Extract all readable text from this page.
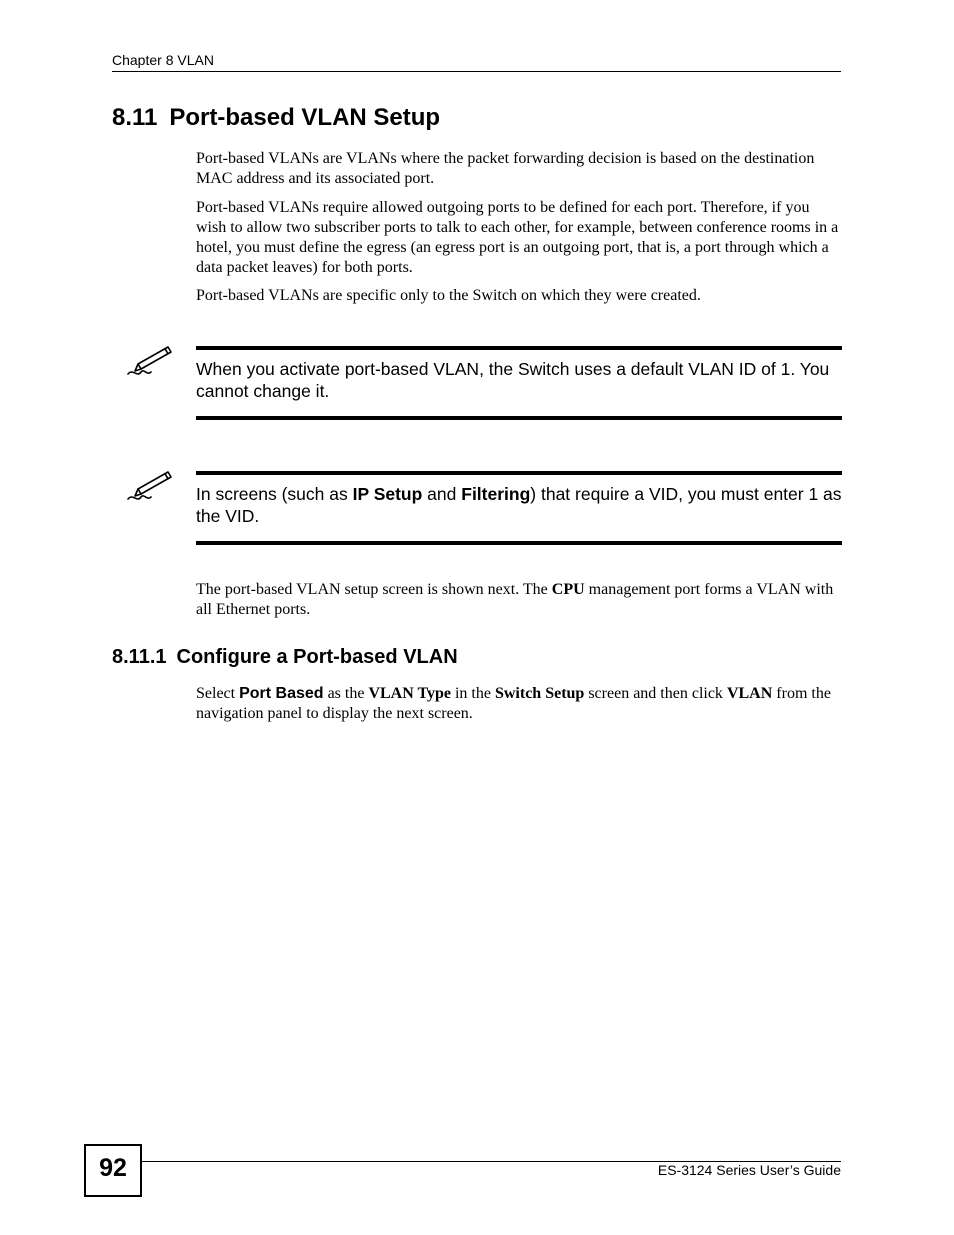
Chapter 8 VLAN
8.11 Port-based VLAN Setup

Port-based VLANs are VLANs where the packet forwarding decision is based on the destination MAC address and its associated port.

Port-based VLANs require allowed outgoing ports to be defined for each port. Therefore, if you wish to allow two subscriber ports to talk to each other, for example, between conference rooms in a hotel, you must define the egress (an egress port is an outgoing port, that is, a port through which a data packet leaves) for both ports.

Port-based VLANs are specific only to the Switch on which they were created.

When you activate port-based VLAN, the Switch uses a default VLAN ID of 1. You cannot change it.
In screens (such as IP Setup and Filtering) that require a VID, you must enter 1 as the VID.

The port-based VLAN setup screen is shown next. The CPU management port forms a VLAN with all Ethernet ports.

8.11.1 Configure a Port-based VLAN

Select Port Based as the VLAN Type in the Switch Setup screen and then click VLAN from the navigation panel to display the next screen.

92	ES-3124 Series User’s Guide
